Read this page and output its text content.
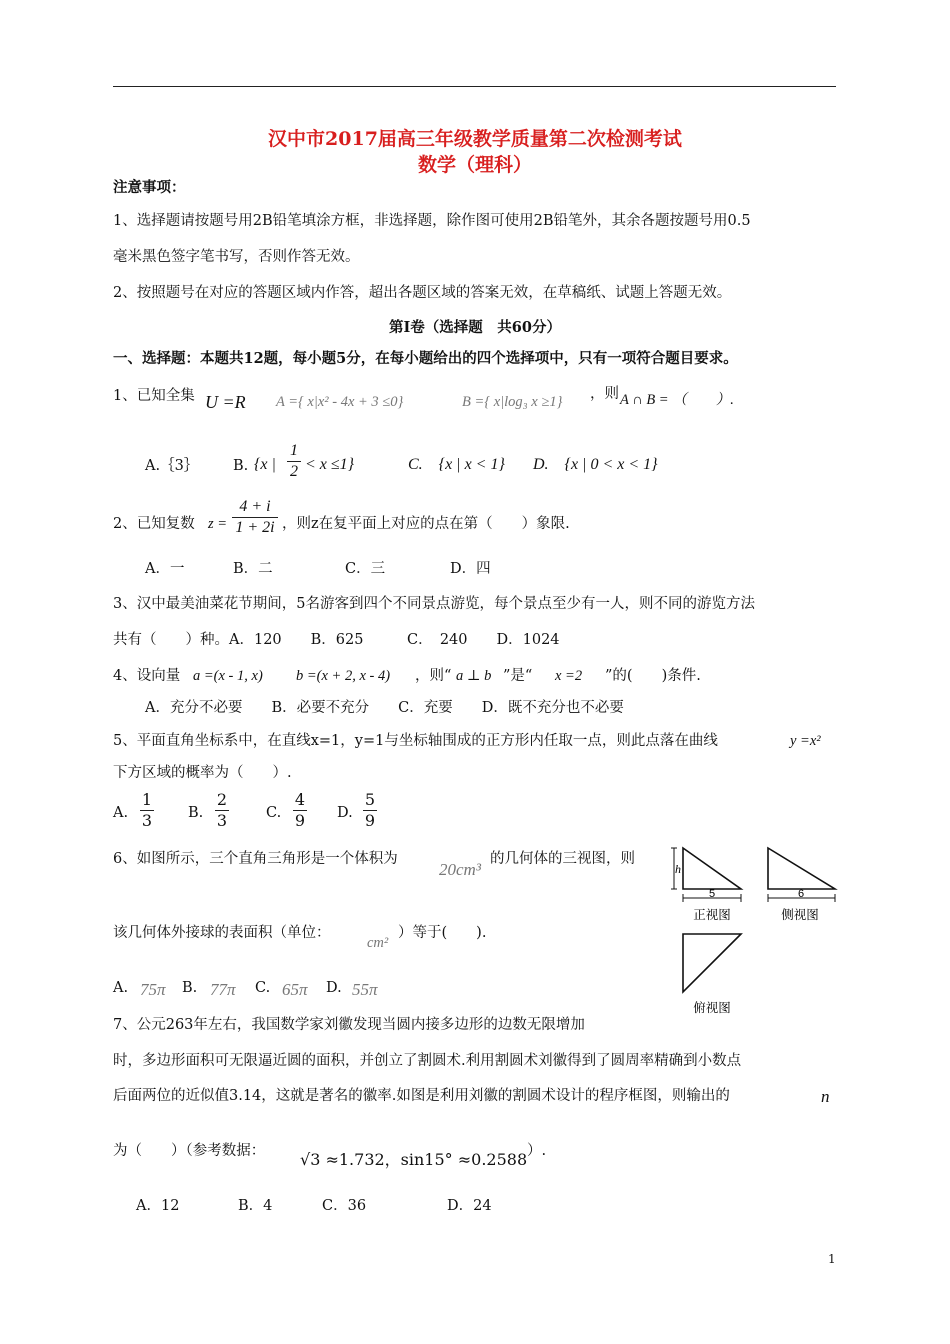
汉中市2017届高三年级教学质量第二次检测考试
数学（理科）
注意事项：
1、选择题请按题号用2B铅笔填涂方框，非选择题，除作图可使用2B铅笔外，其余各题按题号用0.5
毫米黑色签字笔书写，否则作答无效。
2、按照题号在对应的答题区域内作答，超出各题区域的答案无效，在草稿纸、试题上答题无效。
第Ⅰ卷（选择题　共60分）
一、选择题：本题共12题，每小题5分，在每小题给出的四个选择项中，只有一项符合题目要求。
1、已知全集 U =R A ={ x|x² - 4x + 3 ≤0}	B ={ x|log₃ x ≥1} ，则 A ∩ B = （　　）.
A.｛3｝ B. {x |
1
2 < x ≤1}	C.　{x | x < 1} D.　{x | 0 < x < 1}
2、已知复数 z =
4 + i
1 + 2i ，则z在复平面上对应的点在第（　　）象限.
A．一	B．二	C．三	D．四
3、汉中最美油菜花节期间，5名游客到四个不同景点游览，每个景点至少有一人，则不同的游览方法
共有（　　）种。A．120　　B．625　　　C．　240　　D．1024
4、设向量 a =(x - 1, x) b =(x + 2, x - 4) ，则“ a ⊥ b ”是“ x =2 ”的(　　)条件.
A．充分不必要　　B．必要不充分　　C．充要　　D．既不充分也不必要
5、平面直角坐标系中，在直线x=1，y=1与坐标轴围成的正方形内任取一点，则此点落在曲线	y =x²
下方区域的概率为（　　）.
A.
1
3 B.
2
3	C.
4
9 D.
5
9
6、如图所示，三个直角三角形是一个体积为
20cm³
的几何体的三视图，则
该几何体外接球的表面积（单位：
cm²
）等于(　　).
A. 75π B. 77π C. 65π D. 55π
h
5
正视图
6
侧视图
俯视图
7、公元263年左右，我国数学家刘徽发现当圆内接多边形的边数无限增加
时，多边形面积可无限逼近圆的面积，并创立了割圆术.利用割圆术刘徽得到了圆周率精确到小数点
后面两位的近似值3.14，这就是著名的徽率.如图是利用刘徽的割圆术设计的程序框图，则输出的	n
为（　　）（参考数据： √3 ≈1.732，sin15° ≈0.2588 ）.
A．12	B．4	C．36	D．24
1
